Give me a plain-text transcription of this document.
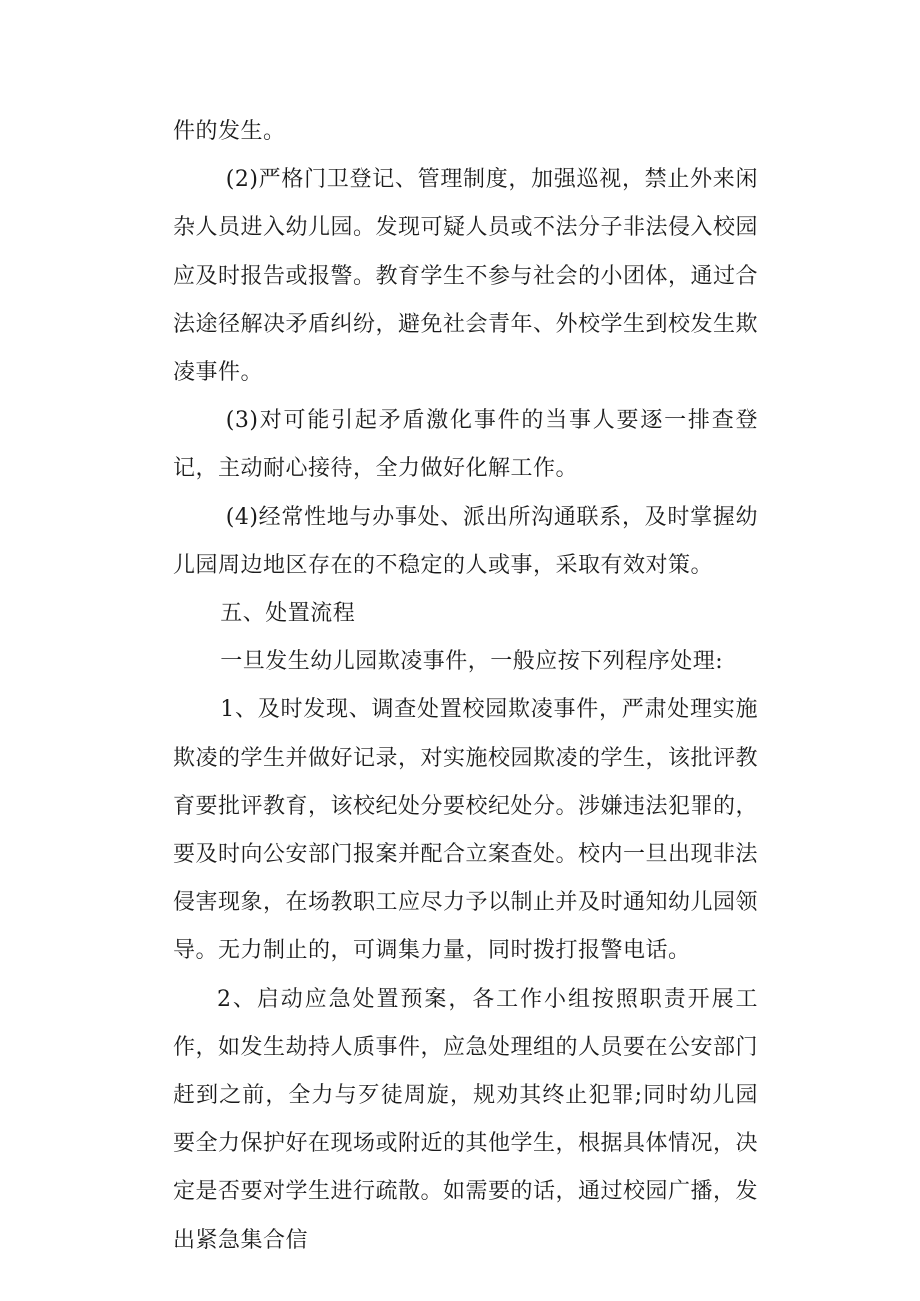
件的发生。

(2)严格门卫登记、管理制度，加强巡视，禁止外来闲杂人员进入幼儿园。发现可疑人员或不法分子非法侵入校园应及时报告或报警。教育学生不参与社会的小团体，通过合法途径解决矛盾纠纷，避免社会青年、外校学生到校发生欺凌事件。

(3)对可能引起矛盾激化事件的当事人要逐一排查登记，主动耐心接待，全力做好化解工作。

(4)经常性地与办事处、派出所沟通联系，及时掌握幼儿园周边地区存在的不稳定的人或事，采取有效对策。

五、处置流程

一旦发生幼儿园欺凌事件，一般应按下列程序处理:

1、及时发现、调查处置校园欺凌事件，严肃处理实施欺凌的学生并做好记录，对实施校园欺凌的学生，该批评教育要批评教育，该校纪处分要校纪处分。涉嫌违法犯罪的，要及时向公安部门报案并配合立案查处。校内一旦出现非法侵害现象，在场教职工应尽力予以制止并及时通知幼儿园领导。无力制止的，可调集力量，同时拨打报警电话。

2、启动应急处置预案，各工作小组按照职责开展工作，如发生劫持人质事件，应急处理组的人员要在公安部门赶到之前，全力与歹徒周旋，规劝其终止犯罪;同时幼儿园要全力保护好在现场或附近的其他学生，根据具体情况，决定是否要对学生进行疏散。如需要的话，通过校园广播，发出紧急集合信
